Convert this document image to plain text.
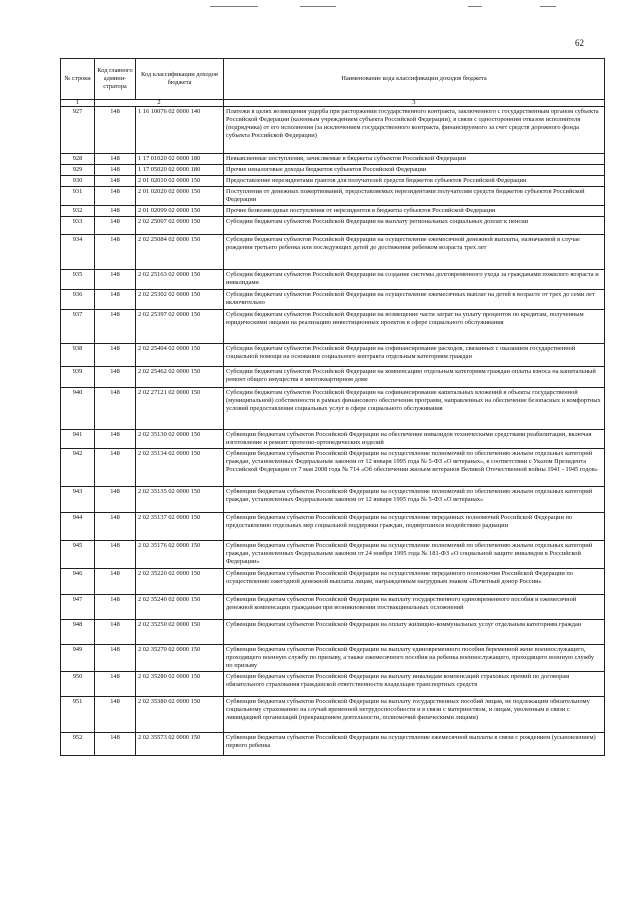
62
№ строки	Код главного админи-стратора	Код классификации доходов бюджета	Наименование кода классификации доходов бюджета
1	2		3
927	148	1 16 10076 02 0000 140	Платежи в целях возмещения ущерба при расторжении государственного контракта, заключенного с государственным органом субъекта Российской Федерации (казенным учреждением субъекта Российской Федерации), в связи с односторонним отказом исполнителя (подрядчика) от его исполнения (за исключением государственного контракта, финансируемого за счет средств дорожного фонда субъекта Российской Федерации)
928	148	1 17 01020 02 0000 180	Невыясненные поступления, зачисляемые в бюджеты субъектов Российской Федерации
929	148	1 17 05020 02 0000 180	Прочие неналоговые доходы бюджетов субъектов Российской Федерации
930	148	2 01 02010 02 0000 150	Предоставление нерезидентами грантов для получателей средств бюджетов субъектов Российской Федерации
931	148	2 01 02020 02 0000 150	Поступления от денежных пожертвований, предоставляемых нерезидентами получателям средств бюджетов субъектов Российской Федерации
932	148	2 01 02099 02 0000 150	Прочие безвозмездные поступления от нерезидентов в бюджеты субъектов Российской Федерации
933	148	2 02 25007 02 0000 150	Субсидии бюджетам субъектов Российской Федерации на выплату региональных социальных доплат к пенсии
934	148	2 02 25084 02 0000 150	Субсидии бюджетам субъектов Российской Федерации на осуществление ежемесячной денежной выплаты, назначаемой в случае рождения третьего ребенка или последующих детей до достижения ребенком возраста трех лет
935	148	2 02 25163 02 0000 150	Субсидии бюджетам субъектов Российской Федерации на создание системы долговременного ухода за гражданами пожилого возраста и инвалидами
936	148	2 02 25302 02 0000 150	Субсидии бюджетам субъектов Российской Федерации на осуществление ежемесячных выплат на детей в возрасте от трех до семи лет включительно
937	148	2 02 25397 02 0000 150	Субсидии бюджетам субъектов Российской Федерации на возмещение части затрат на уплату процентов по кредитам, полученным юридическими лицами на реализацию инвестиционных проектов в сфере социального обслуживания
938	148	2 02 25404 02 0000 150	Субсидии бюджетам субъектов Российской Федерации на софинансирование расходов, связанных с оказанием государственной социальной помощи на основании социального контракта отдельным категориям граждан
939	148	2 02 25462 02 0000 150	Субсидии бюджетам субъектов Российской Федерации на компенсацию отдельным категориям граждан оплаты взноса на капитальный ремонт общего имущества в многоквартирном доме
940	148	2 02 27121 02 0000 150	Субсидии бюджетам субъектов Российской Федерации на софинансирование капитальных вложений в объекты государственной (муниципальной) собственности в рамках финансового обеспечения программ, направленных на обеспечение безопасных и комфортных условий предоставления социальных услуг в сфере социального обслуживания
941	148	2 02 35130 02 0000 150	Субвенции бюджетам субъектов Российской Федерации на обеспечение инвалидов техническими средствами реабилитации, включая изготовление и ремонт протезно-ортопедических изделий
942	148	2 02 35134 02 0000 150	Субвенции бюджетам субъектов Российской Федерации на осуществление полномочий по обеспечению жильем отдельных категорий граждан, установленных Федеральным законом от 12 января 1995 года № 5-ФЗ «О ветеранах», в соответствии с Указом Президента Российской Федерации от 7 мая 2008 года № 714 «Об обеспечении жильем ветеранов Великой Отечественной войны 1941 - 1945 годов»
943	148	2 02 35135 02 0000 150	Субвенции бюджетам субъектов Российской Федерации на осуществление полномочий по обеспечению жильем отдельных категорий граждан, установленных Федеральным законом от 12 января 1995 года № 5-ФЗ «О ветеранах»
944	148	2 02 35137 02 0000 150	Субвенции бюджетам субъектов Российской Федерации на осуществление переданных полномочий Российской Федерации по предоставлению отдельных мер социальной поддержки граждан, подвергшихся воздействию радиации
945	148	2 02 35176 02 0000 150	Субвенции бюджетам субъектов Российской Федерации на осуществление полномочий по обеспечению жильем отдельных категорий граждан, установленных Федеральным законом от 24 ноября 1995 года № 181-ФЗ «О социальной защите инвалидов в Российской Федерации»
946	148	2 02 35220 02 0000 150	Субвенции бюджетам субъектов Российской Федерации на осуществление переданного полномочия Российской Федерации по осуществлению ежегодной денежной выплаты лицам, награжденным нагрудным знаком «Почетный донор России»
947	148	2 02 35240 02 0000 150	Субвенции бюджетам субъектов Российской Федерации на выплату государственного единовременного пособия и ежемесячной денежной компенсации гражданам при возникновении поствакцинальных осложнений
948	148	2 02 35250 02 0000 150	Субвенции бюджетам субъектов Российской Федерации на оплату жилищно-коммунальных услуг отдельным категориям граждан
949	148	2 02 35270 02 0000 150	Субвенции бюджетам субъектов Российской Федерации на выплату единовременного пособия беременной жене военнослужащего, проходящего военную службу по призыву, а также ежемесячного пособия на ребенка военнослужащего, проходящего военную службу по призыву
950	148	2 02 35280 02 0000 150	Субвенции бюджетам субъектов Российской Федерации на выплату инвалидам компенсаций страховых премий по договорам обязательного страхования гражданской ответственности владельцев транспортных средств
951	148	2 02 35380 02 0000 150	Субвенции бюджетам субъектов Российской Федерации на выплату государственных пособий лицам, не подлежащим обязательному социальному страхованию на случай временной нетрудоспособности и в связи с материнством, и лицам, уволенным в связи с ликвидацией организаций (прекращением деятельности, полномочий физическими лицами)
952	148	2 02 35573 02 0000 150	Субвенции бюджетам субъектов Российской Федерации на осуществление ежемесячной выплаты в связи с рождением (усыновлением) первого ребенка
